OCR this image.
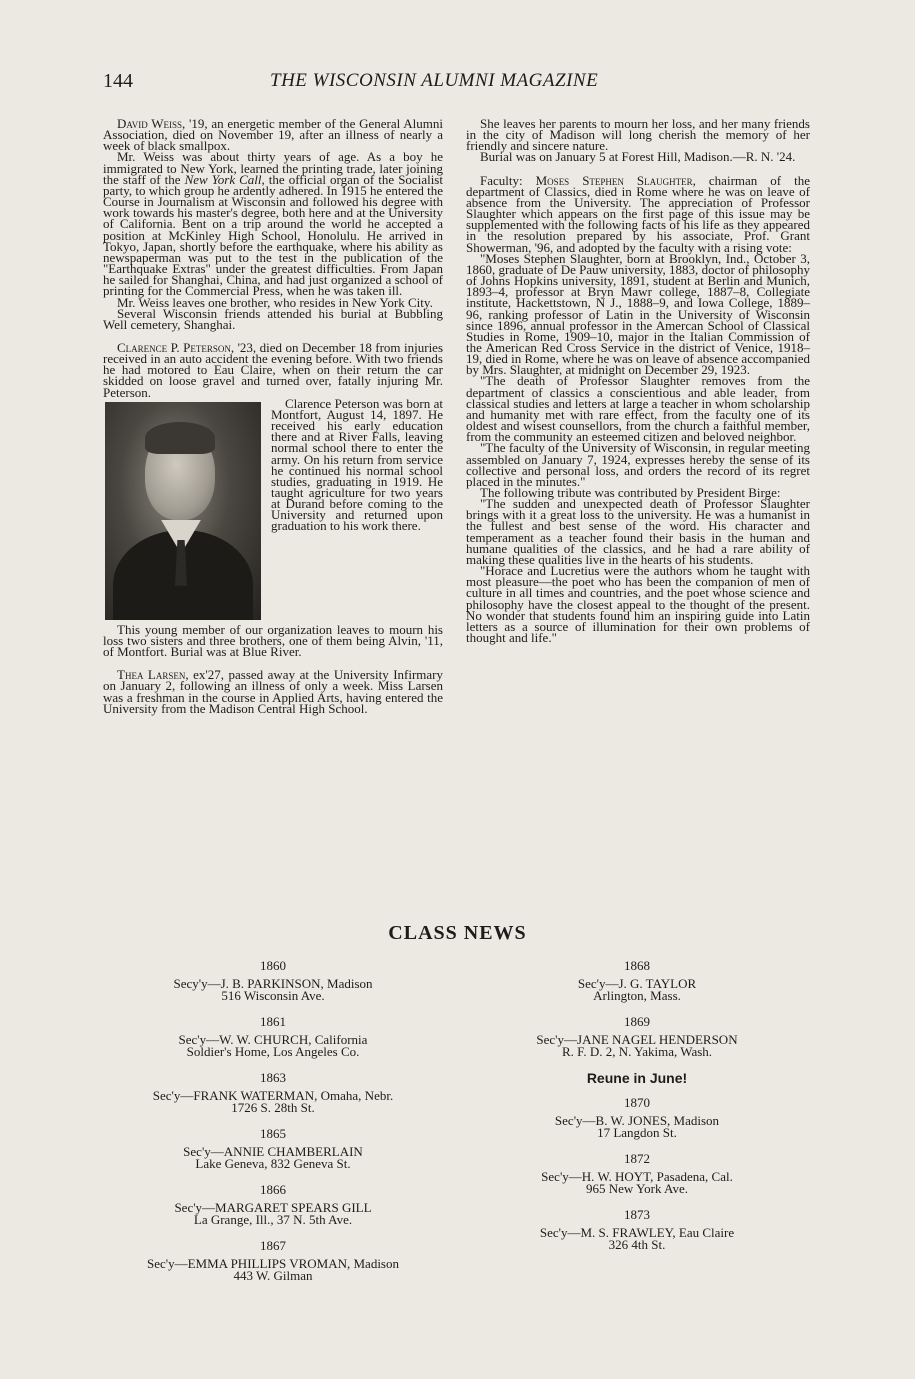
144	THE WISCONSIN ALUMNI MAGAZINE

David Weiss, '19, an energetic member of the General Alumni Association, died on November 19, after an illness of nearly a week of black smallpox.

Mr. Weiss was about thirty years of age. As a boy he immigrated to New York, learned the printing trade, later joining the staff of the New York Call, the official organ of the Socialist party, to which group he ardently adhered. In 1915 he entered the Course in Journalism at Wisconsin and followed his degree with work towards his master's degree, both here and at the University of California. Bent on a trip around the world he accepted a position at McKinley High School, Honolulu. He arrived in Tokyo, Japan, shortly before the earthquake, where his ability as newspaperman was put to the test in the publication of the "Earthquake Extras" under the greatest difficulties. From Japan he sailed for Shanghai, China, and had just organized a school of printing for the Commercial Press, when he was taken ill.

Mr. Weiss leaves one brother, who resides in New York City.

Several Wisconsin friends attended his burial at Bubbling Well cemetery, Shanghai.

Clarence P. Peterson, '23, died on December 18 from injuries received in an auto accident the evening before. With two friends he had motored to Eau Claire, when on their return the car skidded on loose gravel and turned over, fatally injuring Mr. Peterson.

Clarence Peterson was born at Montfort, August 14, 1897. He received his early education there and at River Falls, leaving normal school there to enter the army. On his return from service he continued his normal school studies, graduating in 1919. He taught agriculture for two years at Durand before coming to the University and returned upon graduation to his work there.

This young member of our organization leaves to mourn his loss two sisters and three brothers, one of them being Alvin, '11, of Montfort. Burial was at Blue River.

Thea Larsen, ex'27, passed away at the University Infirmary on January 2, following an illness of only a week. Miss Larsen was a freshman in the course in Applied Arts, having entered the University from the Madison Central High School.

She leaves her parents to mourn her loss, and her many friends in the city of Madison will long cherish the memory of her friendly and sincere nature.

Burial was on January 5 at Forest Hill, Madison.—R. N. '24.

Faculty: Moses Stephen Slaughter, chairman of the department of Classics, died in Rome where he was on leave of absence from the University. The appreciation of Professor Slaughter which appears on the first page of this issue may be supplemented with the following facts of his life as they appeared in the resolution prepared by his associate, Prof. Grant Showerman, '96, and adopted by the faculty with a rising vote:

"Moses Stephen Slaughter, born at Brooklyn, Ind., October 3, 1860, graduate of De Pauw university, 1883, doctor of philosophy of Johns Hopkins university, 1891, student at Berlin and Munich, 1893–4, professor at Bryn Mawr college, 1887–8, Collegiate institute, Hackettstown, N J., 1888–9, and Iowa College, 1889–96, ranking professor of Latin in the University of Wisconsin since 1896, annual professor in the Amercan School of Classical Studies in Rome, 1909–10, major in the Italian Commission of the American Red Cross Service in the district of Venice, 1918–19, died in Rome, where he was on leave of absence accompanied by Mrs. Slaughter, at midnight on December 29, 1923.

"The death of Professor Slaughter removes from the department of classics a conscientious and able leader, from classical studies and letters at large a teacher in whom scholarship and humanity met with rare effect, from the faculty one of its oldest and wisest counsellors, from the church a faithful member, from the community an esteemed citizen and beloved neighbor.

"The faculty of the University of Wisconsin, in regular meeting assembled on January 7, 1924, expresses hereby the sense of its collective and personal loss, and orders the record of its regret placed in the minutes."

The following tribute was contributed by President Birge:

"The sudden and unexpected death of Professor Slaughter brings with it a great loss to the university. He was a humanist in the fullest and best sense of the word. His character and temperament as a teacher found their basis in the human and humane qualities of the classics, and he had a rare ability of making these qualities live in the hearts of his students.

"Horace and Lucretius were the authors whom he taught with most pleasure—the poet who has been the companion of men of culture in all times and countries, and the poet whose science and philosophy have the closest appeal to the thought of the present. No wonder that students found him an inspiring guide into Latin letters as a source of illumination for their own problems of thought and life."

CLASS NEWS
1860
Secy'y—J. B. PARKINSON, Madison
516 Wisconsin Ave.
1861
Sec'y—W. W. CHURCH, California
Soldier's Home, Los Angeles Co.
1863
Sec'y—FRANK WATERMAN, Omaha, Nebr.
1726 S. 28th St.
1865
Sec'y—ANNIE CHAMBERLAIN
Lake Geneva, 832 Geneva St.
1866
Sec'y—MARGARET SPEARS GILL
La Grange, Ill., 37 N. 5th Ave.
1867
Sec'y—EMMA PHILLIPS VROMAN, Madison
443 W. Gilman
1868
Sec'y—J. G. TAYLOR
Arlington, Mass.
1869
Sec'y—JANE NAGEL HENDERSON
R. F. D. 2, N. Yakima, Wash.
Reune in June!
1870
Sec'y—B. W. JONES, Madison
17 Langdon St.
1872
Sec'y—H. W. HOYT, Pasadena, Cal.
965 New York Ave.
1873
Sec'y—M. S. FRAWLEY, Eau Claire
326 4th St.
